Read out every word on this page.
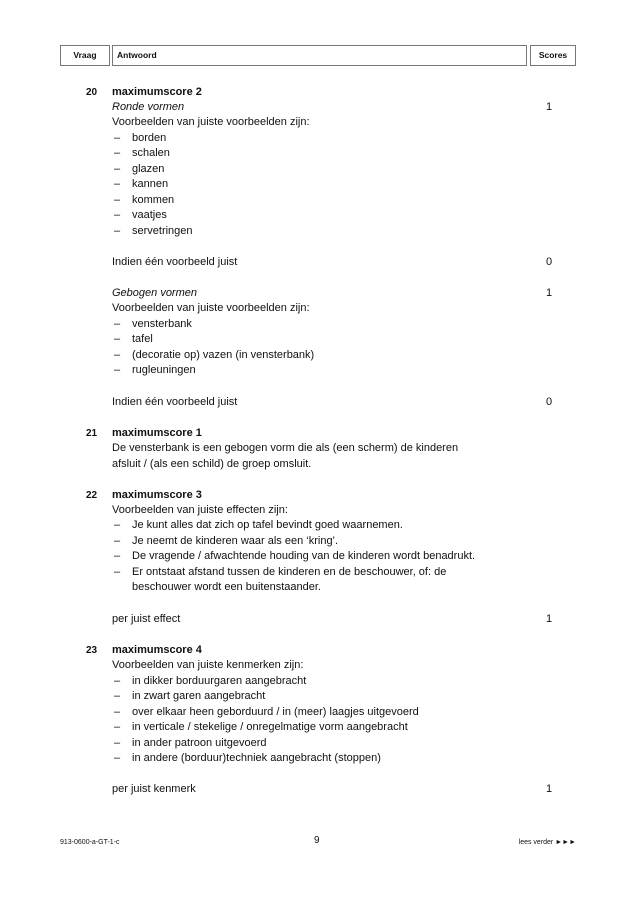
Vraag	Antwoord	Scores
20 maximumscore 2
Ronde vormen	1
Voorbeelden van juiste voorbeelden zijn:
– borden
– schalen
– glazen
– kannen
– kommen
– vaatjes
– servetringen
Indien één voorbeeld juist	0
Gebogen vormen	1
Voorbeelden van juiste voorbeelden zijn:
– vensterbank
– tafel
– (decoratie op) vazen (in vensterbank)
– rugleuningen
Indien één voorbeeld juist	0
21 maximumscore 1
De vensterbank is een gebogen vorm die als (een scherm) de kinderen
afsluit / (als een schild) de groep omsluit.
22 maximumscore 3
Voorbeelden van juiste effecten zijn:
– Je kunt alles dat zich op tafel bevindt goed waarnemen.
– Je neemt de kinderen waar als een ‘kring’.
– De vragende / afwachtende houding van de kinderen wordt benadrukt.
– Er ontstaat afstand tussen de kinderen en de beschouwer, of: de
beschouwer wordt een buitenstaander.
per juist effect	1
23 maximumscore 4
Voorbeelden van juiste kenmerken zijn:
– in dikker borduurgaren aangebracht
– in zwart garen aangebracht
– over elkaar heen geborduurd / in (meer) laagjes uitgevoerd
– in verticale / stekelige / onregelmatige vorm aangebracht
– in ander patroon uitgevoerd
– in andere (borduur)techniek aangebracht (stoppen)
per juist kenmerk	1
913-0600-a-GT-1-c	9	lees verder ►►►
